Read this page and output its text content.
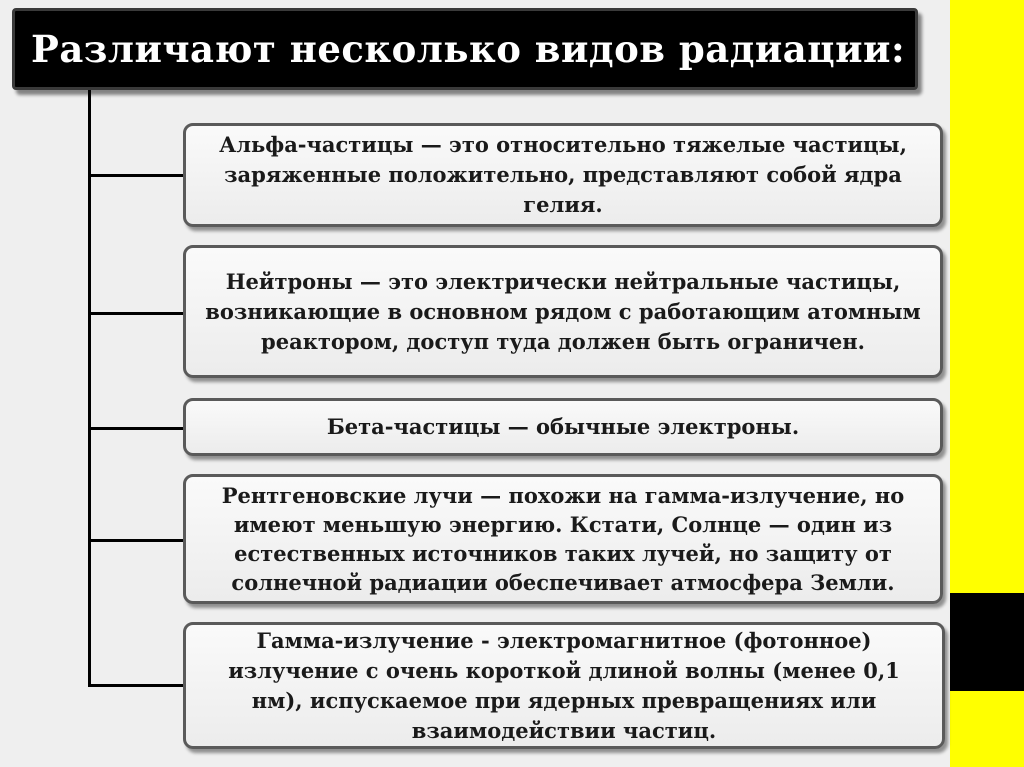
Различают несколько видов радиации:
Альфа-частицы — это относительно тяжелые частицы, заряженные положительно, представляют собой ядра гелия.
Нейтроны — это электрически нейтральные частицы, возникающие в основном рядом с работающим атомным реактором, доступ туда должен быть ограничен.
Бета-частицы — обычные электроны.
Рентгеновские лучи — похожи на гамма-излучение, но имеют меньшую энергию. Кстати, Солнце — один из естественных источников таких лучей, но защиту от солнечной радиации обеспечивает атмосфера Земли.
Гамма-излучение - электромагнитное (фотонное) излучение с очень короткой длиной волны (менее 0,1 нм), испускаемое при ядерных превращениях или взаимодействии частиц.
